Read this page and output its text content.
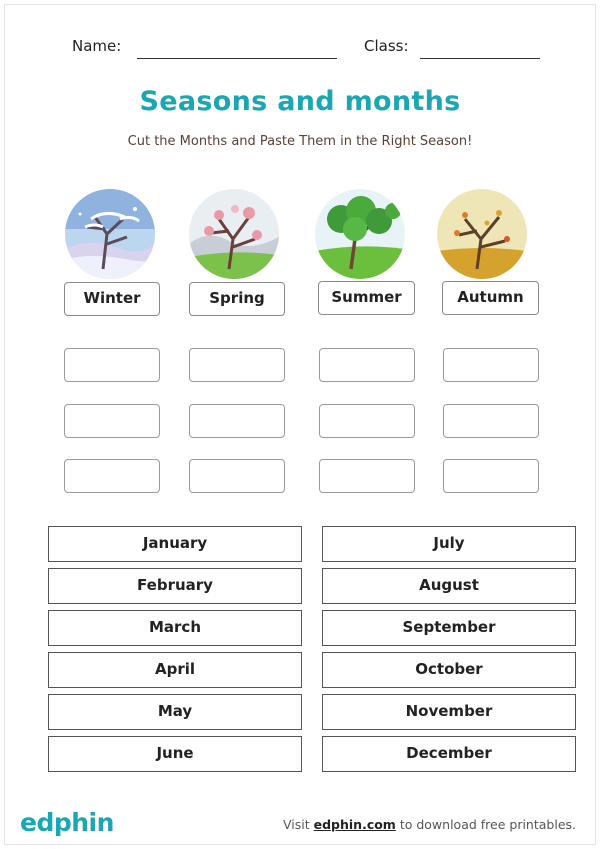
Name:	Class:
Seasons and months
Cut the Months and Paste Them in the Right Season!
Winter	Spring	Summer	Autumn
January
February
March
April
May
June
July
August
September
October
November
December
edphin	Visit edphin.com to download free printables.
